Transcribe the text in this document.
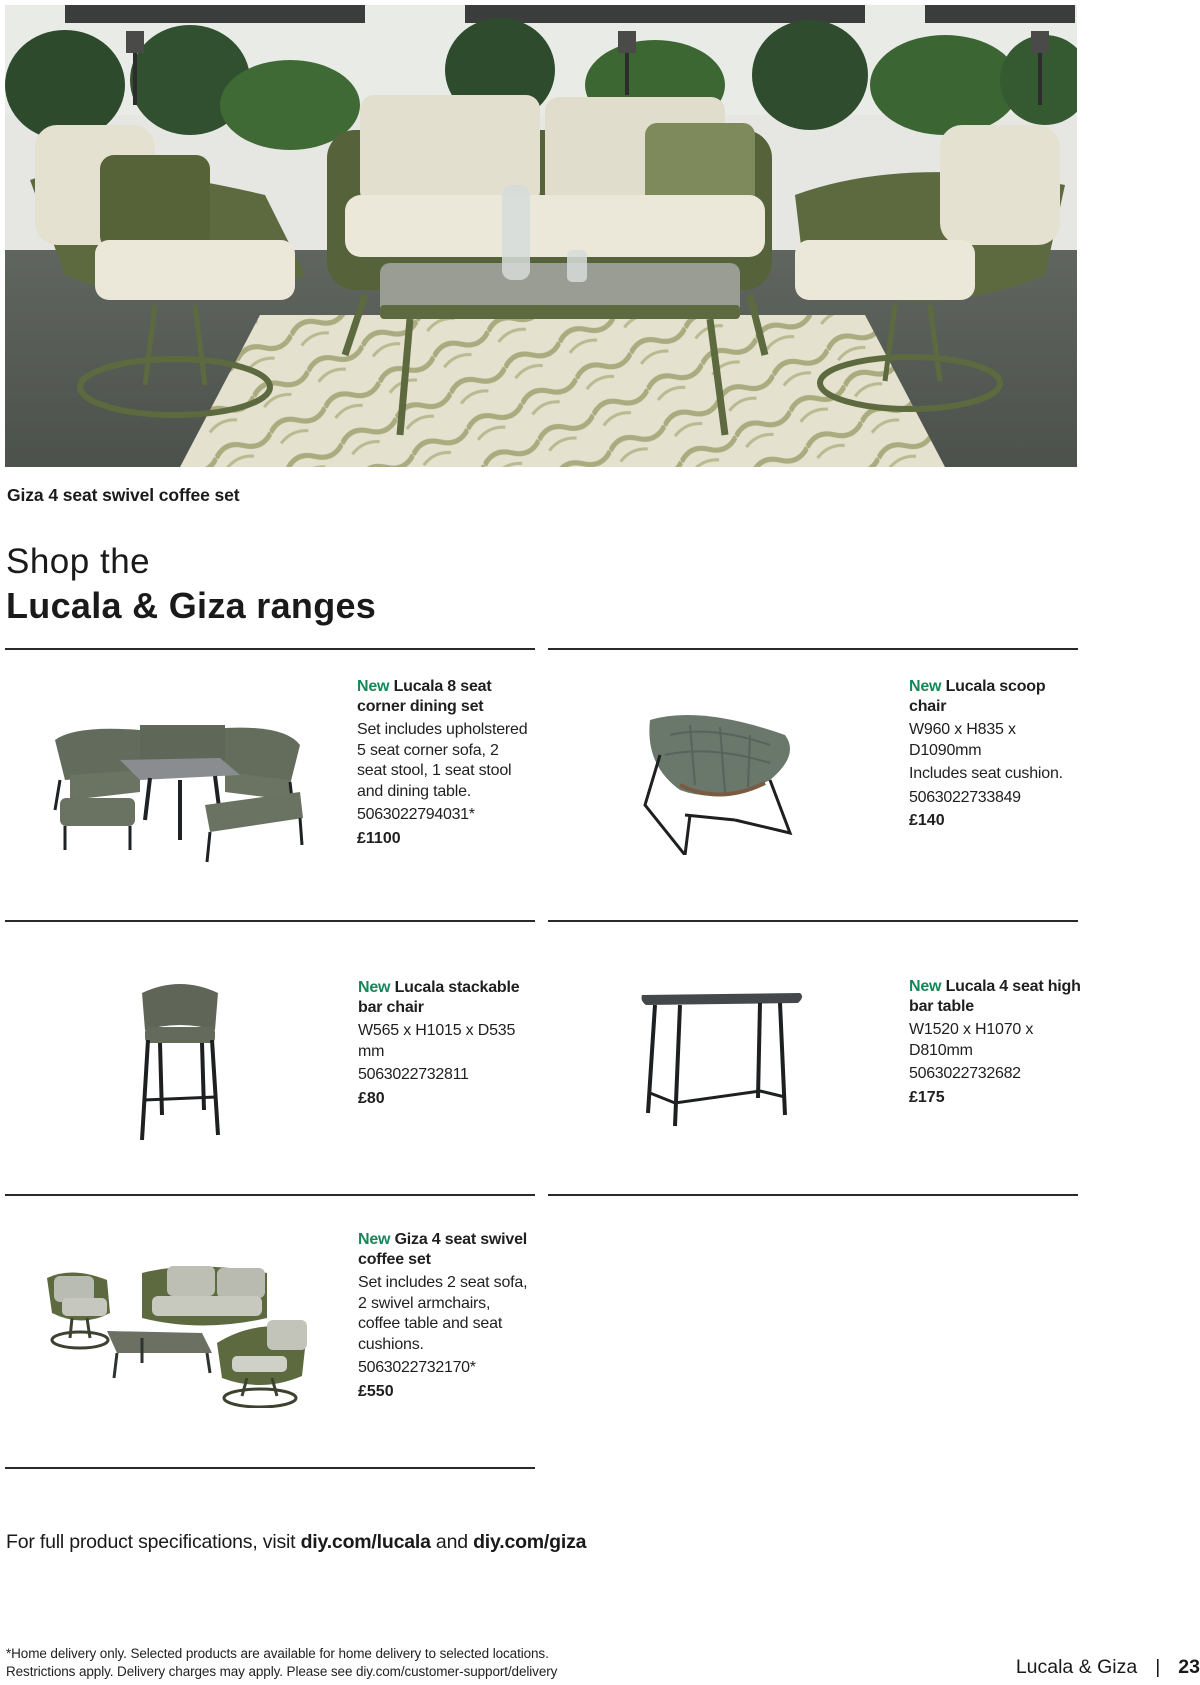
Giza 4 seat swivel coffee set
Shop the
Lucala & Giza ranges
New Lucala 8 seat corner dining set
Set includes upholstered 5 seat corner sofa, 2 seat stool, 1 seat stool and dining table.
5063022794031*
£1100
New Lucala scoop chair
W960 x H835 x D1090mm
Includes seat cushion.
5063022733849
£140
New Lucala stackable bar chair
W565 x H1015 x D535 mm
5063022732811
£80
New Lucala 4 seat high bar table
W1520 x H1070 x D810mm
5063022732682
£175
New Giza 4 seat swivel coffee set
Set includes 2 seat sofa, 2 swivel armchairs, coffee table and seat cushions.
5063022732170*
£550
For full product specifications, visit diy.com/lucala and diy.com/giza
*Home delivery only. Selected products are available for home delivery to selected locations.
Restrictions apply. Delivery charges may apply. Please see diy.com/customer-support/delivery	Lucala & Giza | 23
